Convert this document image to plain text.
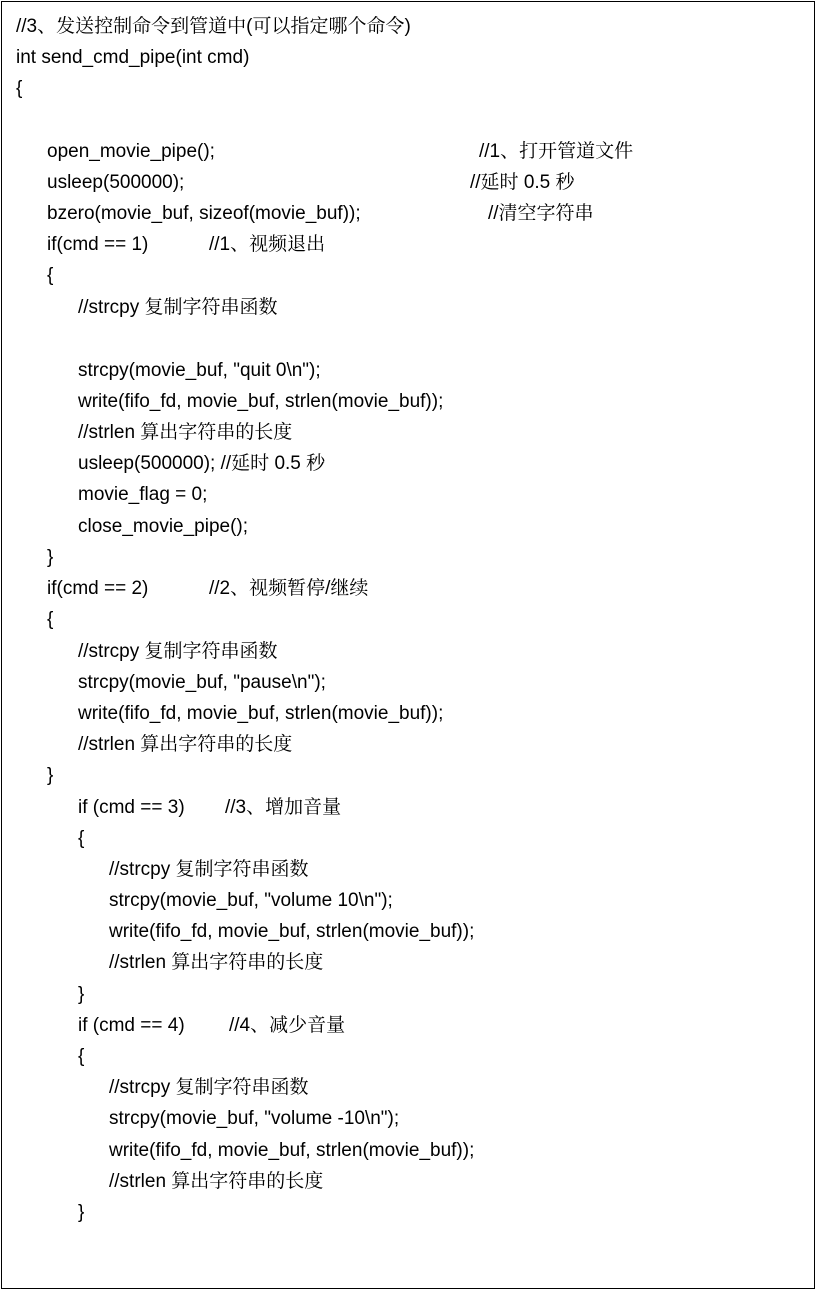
//3、发送控制命令到管道中(可以指定哪个命令)
int send_cmd_pipe(int cmd)
{
open_movie_pipe();	//1、打开管道文件
usleep(500000);	//延时 0.5 秒
bzero(movie_buf, sizeof(movie_buf));	//清空字符串
if(cmd == 1)	//1、视频退出
{
//strcpy 复制字符串函数
strcpy(movie_buf, "quit 0\n");
write(fifo_fd, movie_buf, strlen(movie_buf));
//strlen 算出字符串的长度
usleep(500000); //延时 0.5 秒
movie_flag = 0;
close_movie_pipe();
}
if(cmd == 2)	//2、视频暂停/继续
{
//strcpy 复制字符串函数
strcpy(movie_buf, "pause\n");
write(fifo_fd, movie_buf, strlen(movie_buf));
//strlen 算出字符串的长度
}
if (cmd == 3) //3、增加音量
{
//strcpy 复制字符串函数
strcpy(movie_buf, "volume 10\n");
write(fifo_fd, movie_buf, strlen(movie_buf));
//strlen 算出字符串的长度
}
if (cmd == 4) //4、减少音量
{
//strcpy 复制字符串函数
strcpy(movie_buf, "volume -10\n");
write(fifo_fd, movie_buf, strlen(movie_buf));
//strlen 算出字符串的长度
}
